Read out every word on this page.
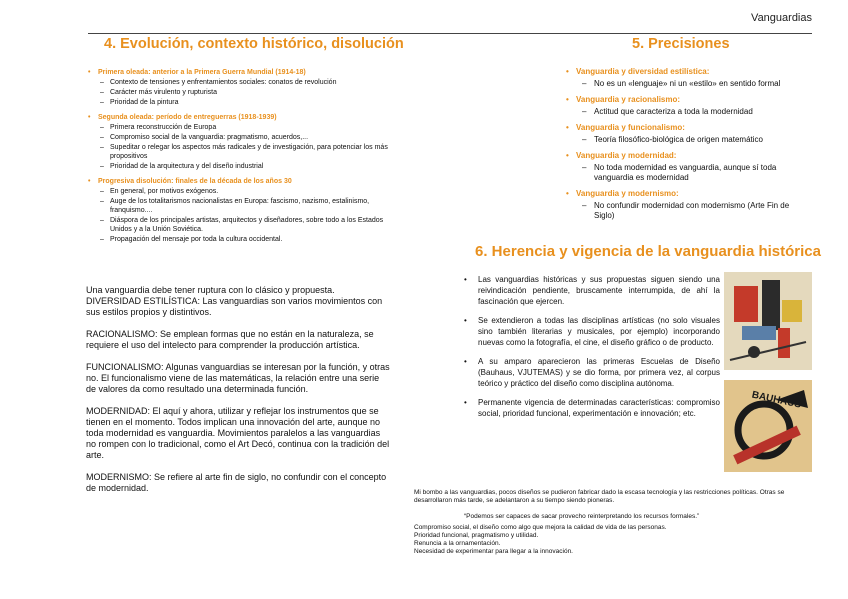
Vanguardias
4. Evolución, contexto histórico, disolución
• Primera oleada: anterior a la Primera Guerra Mundial (1914-18)
– Contexto de tensiones y enfrentamientos sociales: conatos de revolución
– Carácter más virulento y rupturista
– Prioridad de la pintura
• Segunda oleada: período de entreguerras (1918-1939)
– Primera reconstrucción de Europa
– Compromiso social de la vanguardia: pragmatismo, acuerdos,...
– Supeditar o relegar los aspectos más radicales y de investigación, para potenciar los más propositivos
– Prioridad de la arquitectura y del diseño industrial
• Progresiva disolución: finales de la década de los años 30
– En general, por motivos exógenos.
– Auge de los totalitarismos nacionalistas en Europa: fascismo, nazismo, estalinismo, franquismo....
– Diáspora de los principales artistas, arquitectos y diseñadores, sobre todo a los Estados Unidos y a la Unión Soviética.
– Propagación del mensaje por toda la cultura occidental.

Una vanguardia debe tener ruptura con lo clásico y propuesta. DIVERSIDAD ESTILÍSTICA: Las vanguardias son varios movimientos con sus estilos propios y distintivos.

RACIONALISMO: Se emplean formas que no están en la naturaleza, se requiere el uso del intelecto para comprender la producción artística.

FUNCIONALISMO: Algunas vanguardias se interesan por la función, y otras no. El funcionalismo viene de las matemáticas, la relación entre una serie de valores da como resultado una determinada función.

MODERNIDAD: El aquí y ahora, utilizar y reflejar los instrumentos que se tienen en el momento. Todos implican una innovación del arte, aunque no toda modernidad es vanguardia. Movimientos paralelos a las vanguardias no rompen con lo tradicional, como el Art Decó, continua con la tradición del arte.

MODERNISMO: Se refiere al arte fin de siglo, no confundir con el concepto de modernidad.

5. Precisiones
• Vanguardia y diversidad estilística:
– No es un «lenguaje» ni un «estilo» en sentido formal
• Vanguardia y racionalismo:
– Actitud que caracteriza a toda la modernidad
• Vanguardia y funcionalismo:
– Teoría filosófico-biológica de origen matemático
• Vanguardia y modernidad:
– No toda modernidad es vanguardia, aunque sí toda vanguardia es modernidad
• Vanguardia y modernismo:
– No confundir modernidad con modernismo (Arte Fin de Siglo)
6. Herencia y vigencia de la vanguardia histórica
• Las vanguardias históricas y sus propuestas siguen siendo una reivindicación pendiente, bruscamente interrumpida, de ahí la fascinación que ejercen.
• Se extendieron a todas las disciplinas artísticas (no solo visuales sino también literarias y musicales, por ejemplo) incorporando nuevas como la fotografía, el cine, el diseño gráfico o de producto.
• A su amparo aparecieron las primeras Escuelas de Diseño (Bauhaus, VJUTEMAS) y se dio forma, por primera vez, al corpus teórico y práctico del diseño como disciplina autónoma.
• Permanente vigencia de determinadas características: compromiso social, prioridad funcional, experimentación e innovación; etc.
BAUHAUS

Mi bombo a las vanguardias, pocos diseños se pudieron fabricar dado la escasa tecnología y las restricciones políticas. Otras se desarrollaron más tarde, se adelantaron a su tiempo siendo pioneras.

“Podemos ser capaces de sacar provecho reinterpretando los recursos formales.”

Compromiso social, el diseño como algo que mejora la calidad de vida de las personas.

Prioridad funcional, pragmatismo y utilidad.

Renuncia a la ornamentación.

Necesidad de experimentar para llegar a la innovación.
